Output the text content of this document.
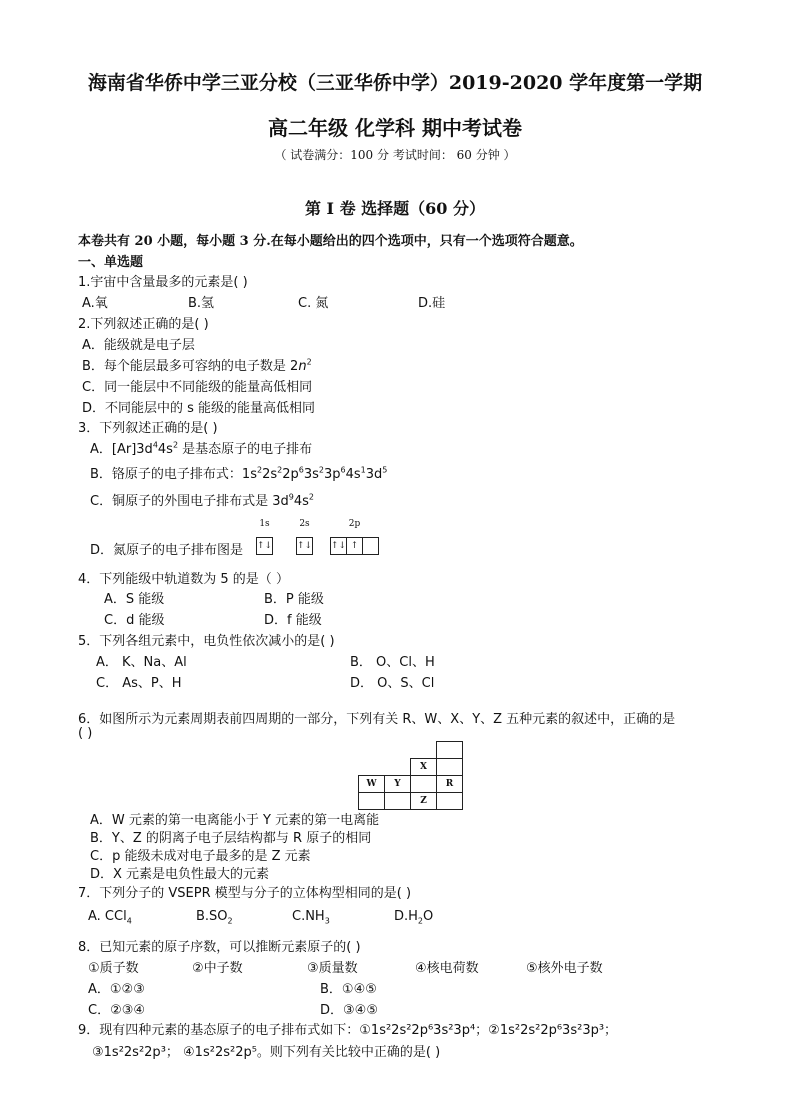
海南省华侨中学三亚分校（三亚华侨中学）2019-2020 学年度第一学期
高二年级 化学科 期中考试卷
（ 试卷满分：100 分 考试时间： 60 分钟 ）
第 Ⅰ 卷 选择题（60 分）
本卷共有 20 小题，每小题 3 分.在每小题给出的四个选项中，只有一个选项符合题意。
一、单选题
1.宇宙中含量最多的元素是( )
A.氧	B.氢	C. 氮	D.硅
2.下列叙述正确的是( )
A．能级就是电子层
B．每个能层最多可容纳的电子数是 $2n^2$
C．同一能层中不同能级的能量高低相同
D．不同能层中的 s 能级的能量高低相同
3．下列叙述正确的是( )
A．$[Ar]3d^44s^2$ 是基态原子的电子排布
B．铬原子的电子排布式：$1s^22s^22p^63s^23p^64s^13d^5$
C．铜原子的外围电子排布式是 $3d^94s^2$
D．氮原子的电子排布图是
1s
↑↓
2s
↑↓
2p
↑↓ ↑
4．下列能级中轨道数为 5 的是（ ）
A．S 能级	B．P 能级
C．d 能级	D．f 能级
5．下列各组元素中，电负性依次减小的是( )
A． K、Na、Al	B． O、Cl、H
C． As、P、H	D． O、S、Cl
6．如图所示为元素周期表前四周期的一部分，下列有关 R、W、X、Y、Z 五种元素的叙述中，正确的是
( )

		X	
W	Y		R
		Z	
A．W 元素的第一电离能小于 Y 元素的第一电离能
B．Y、Z 的阴离子电子层结构都与 R 原子的相同
C．p 能级未成对电子最多的是 Z 元素
D．X 元素是电负性最大的元素
7．下列分子的 VSEPR 模型与分子的立体构型相同的是( )
A. CCl$_4$	$B.SO_2$	$C.NH_3$	$D.H_2O$
8．已知元素的原子序数，可以推断元素原子的( )
①质子数	②中子数	③质量数	④核电荷数	⑤核外电子数
A．①②③	B．①④⑤
C．②③④	D．③④⑤
9．现有四种元素的基态原子的电子排布式如下：①1s²2s²2p⁶3s²3p⁴；②1s²2s²2p⁶3s²3p³；
③1s²2s²2p³； ④1s²2s²2p⁵。则下列有关比较中正确的是( )
